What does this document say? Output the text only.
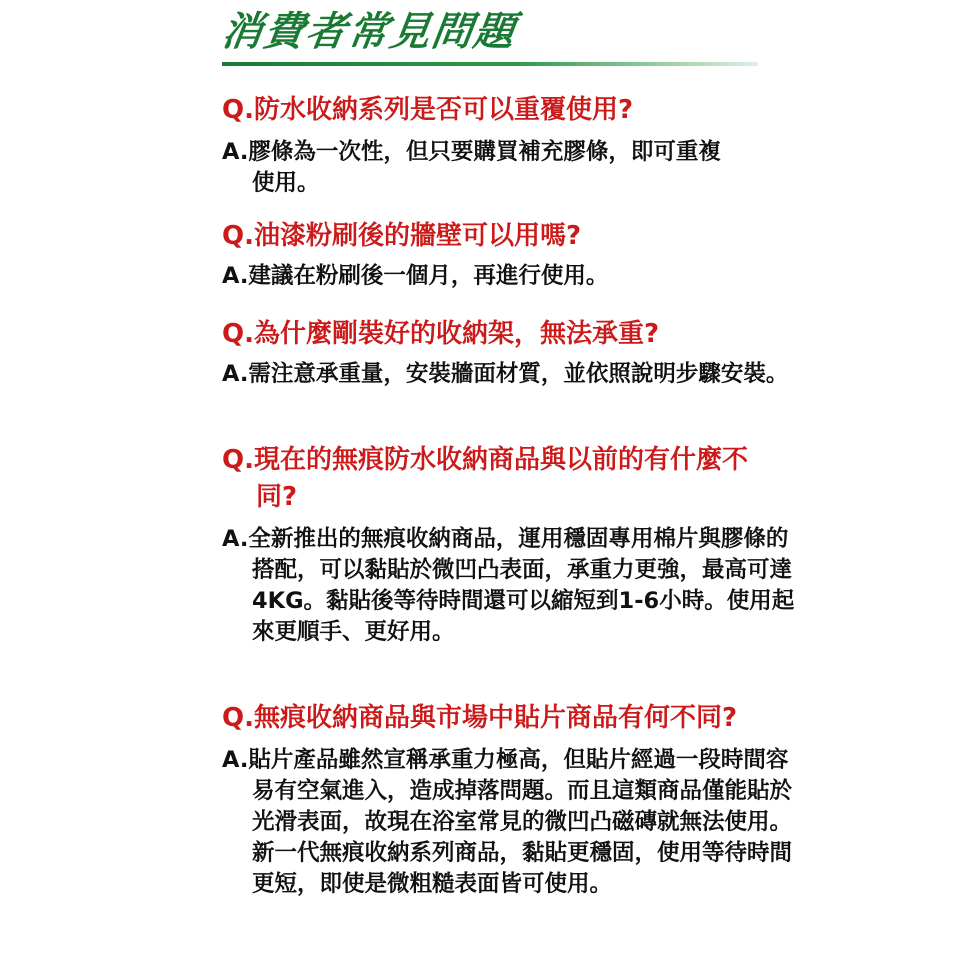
消費者常見問題

Q.防水收納系列是否可以重覆使用?

A.膠條為一次性，但只要購買補充膠條，即可重複使用。

Q.油漆粉刷後的牆壁可以用嗎?

A.建議在粉刷後一個月，再進行使用。

Q.為什麼剛裝好的收納架，無法承重?

A.需注意承重量，安裝牆面材質，並依照說明步驟安裝。

Q.現在的無痕防水收納商品與以前的有什麼不同?

A.全新推出的無痕收納商品，運用穩固專用棉片與膠條的搭配，可以黏貼於微凹凸表面，承重力更強，最高可達4KG。黏貼後等待時間還可以縮短到1-6小時。使用起來更順手、更好用。

Q.無痕收納商品與市場中貼片商品有何不同?

A.貼片產品雖然宣稱承重力極高，但貼片經過一段時間容易有空氣進入，造成掉落問題。而且這類商品僅能貼於光滑表面，故現在浴室常見的微凹凸磁磚就無法使用。新一代無痕收納系列商品，黏貼更穩固，使用等待時間更短，即使是微粗糙表面皆可使用。
